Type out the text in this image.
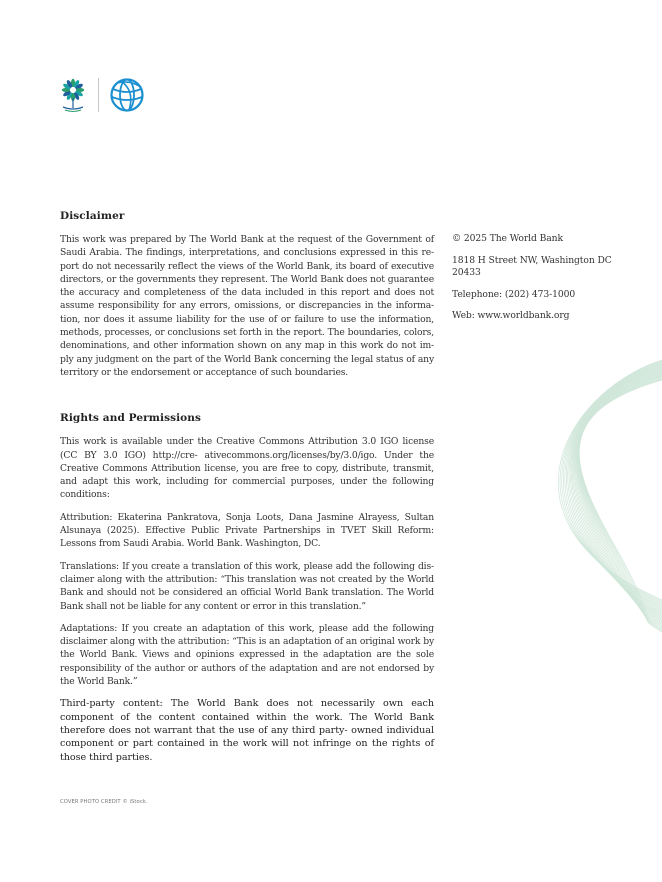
Disclaimer

This work was prepared by The World Bank at the request of the Government of Saudi Arabia. The findings, interpretations, and conclusions expressed in this re- port do not necessarily reflect the views of the World Bank, its board of executive directors, or the governments they represent. The World Bank does not guarantee the accuracy and completeness of the data included in this report and does not assume responsibility for any errors, omissions, or discrepancies in the informa- tion, nor does it assume liability for the use of or failure to use the information, methods, processes, or conclusions set forth in the report. The boundaries, colors, denominations, and other information shown on any map in this work do not im- ply any judgment on the part of the World Bank concerning the legal status of any territory or the endorsement or acceptance of such boundaries.

Rights and Permissions

This work is available under the Creative Commons Attribution 3.0 IGO license (CC BY 3.0 IGO) http://cre- ativecommons.org/licenses/by/3.0/igo. Under the Creative Commons Attribution license, you are free to copy, distribute, transmit, and adapt this work, including for commercial purposes, under the following conditions:

Attribution: Ekaterina Pankratova, Sonja Loots, Dana Jasmine Alrayess, Sultan Alsunaya (2025). Effective Public Private Partnerships in TVET Skill Reform: Lessons from Saudi Arabia. World Bank. Washington, DC.

Translations: If you create a translation of this work, please add the following dis- claimer along with the attribution: “This translation was not created by the World Bank and should not be considered an official World Bank translation. The World Bank shall not be liable for any content or error in this translation.”

Adaptations: If you create an adaptation of this work, please add the following disclaimer along with the attribution: “This is an adaptation of an original work by the World Bank. Views and opinions expressed in the adaptation are the sole responsibility of the author or authors of the adaptation and are not endorsed by the World Bank.”

Third-party content: The World Bank does not necessarily own each component of the content contained within the work. The World Bank therefore does not warrant that the use of any third party- owned individual component or part contained in the work will not infringe on the rights of those third parties.

© 2025 The World Bank

1818 H Street NW, Washington DC 20433

Telephone: (202) 473-1000

Web: www.worldbank.org

COVER PHOTO CREDIT © iStock.
